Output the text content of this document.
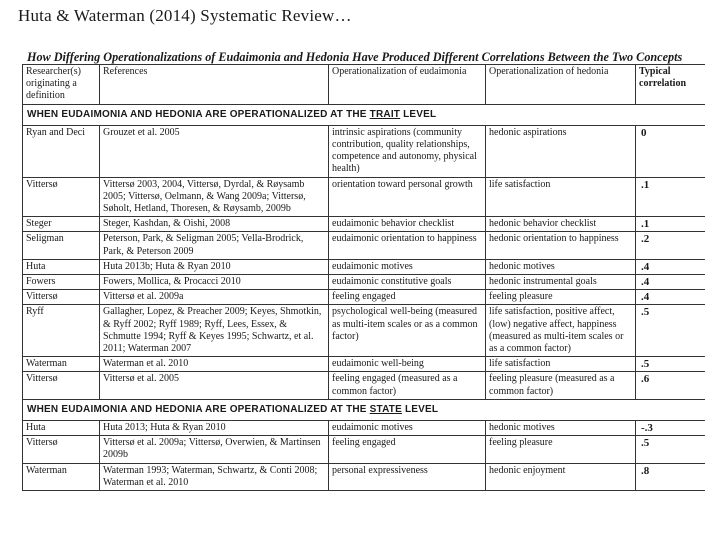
Huta & Waterman (2014) Systematic Review…
How Differing Operationalizations of Eudaimonia and Hedonia Have Produced Different Correlations Between the Two Concepts
Researcher(s) originating a definition	References	Operationalization of eudaimonia	Operationalization of hedonia	Typical correlation
WHEN EUDAIMONIA AND HEDONIA ARE OPERATIONALIZED AT THE TRAIT LEVEL				
Ryan and Deci	Grouzet et al. 2005	intrinsic aspirations (community contribution, quality relationships, competence and autonomy, physical health)	hedonic aspirations	0
Vittersø	Vittersø 2003, 2004, Vittersø, Dyrdal, & Røysamb 2005; Vittersø, Oelmann, & Wang 2009a; Vittersø, Søholt, Hetland, Thoresen, & Røysamb, 2009b	orientation toward personal growth	life satisfaction	.1
Steger	Steger, Kashdan, & Oishi, 2008	eudaimonic behavior checklist	hedonic behavior checklist	.1
Seligman	Peterson, Park, & Seligman 2005; Vella-Brodrick, Park, & Peterson 2009	eudaimonic orientation to happiness	hedonic orientation to happiness	.2
Huta	Huta 2013b; Huta & Ryan 2010	eudaimonic motives	hedonic motives	.4
Fowers	Fowers, Mollica, & Procacci 2010	eudaimonic constitutive goals	hedonic instrumental goals	.4
Vittersø	Vittersø et al. 2009a	feeling engaged	feeling pleasure	.4
Ryff	Gallagher, Lopez, & Preacher 2009; Keyes, Shmotkin, & Ryff 2002; Ryff 1989; Ryff, Lees, Essex, & Schmutte 1994; Ryff & Keyes 1995; Schwartz, et al. 2011; Waterman 2007	psychological well-being (measured as multi-item scales or as a common factor)	life satisfaction, positive affect, (low) negative affect, happiness (measured as multi-item scales or as a common factor)	.5
Waterman	Waterman et al. 2010	eudaimonic well-being	life satisfaction	.5
Vittersø	Vittersø et al. 2005	feeling engaged (measured as a common factor)	feeling pleasure (measured as a common factor)	.6
WHEN EUDAIMONIA AND HEDONIA ARE OPERATIONALIZED AT THE STATE LEVEL				
Huta	Huta 2013; Huta & Ryan 2010	eudaimonic motives	hedonic motives	-.3
Vittersø	Vittersø et al. 2009a; Vittersø, Overwien, & Martinsen 2009b	feeling engaged	feeling pleasure	.5
Waterman	Waterman 1993; Waterman, Schwartz, & Conti 2008; Waterman et al. 2010	personal expressiveness	hedonic enjoyment	.8
